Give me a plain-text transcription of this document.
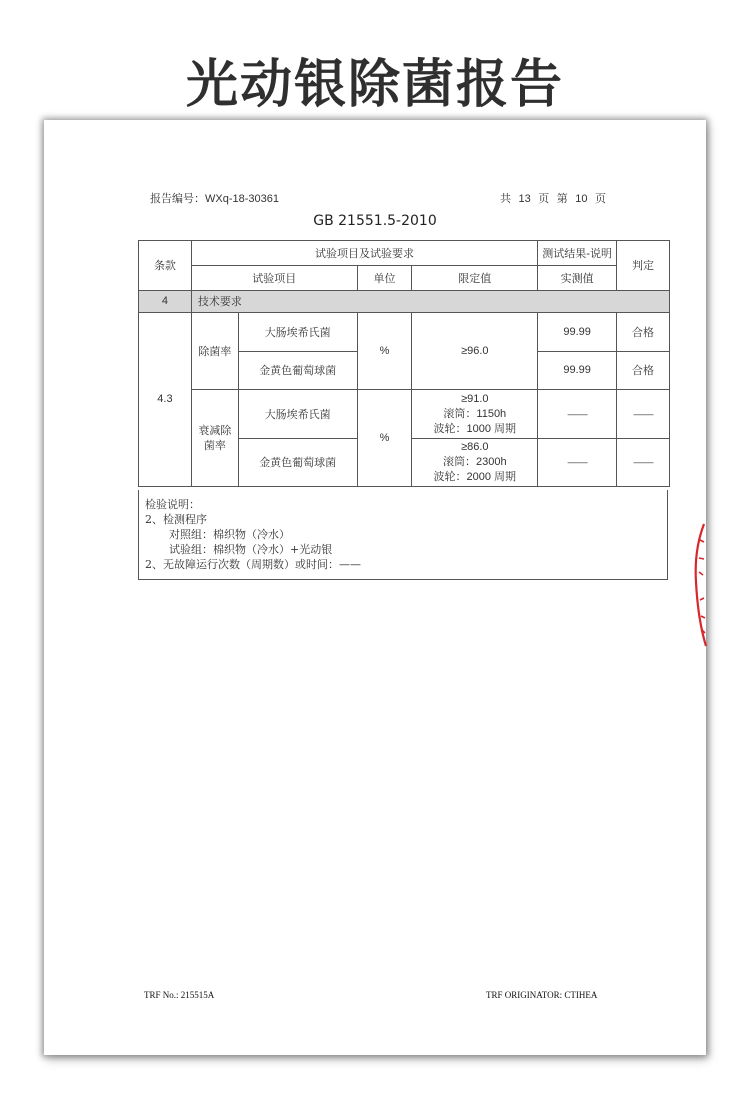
光动银除菌报告
报告编号：WXq-18-30361	共 13 页 第 10 页
GB 21551.5-2010
条款	试验项目及试验要求				测试结果-说明	判定
	试验项目		单位	限定值	实测值	
4	技术要求					
4.3	除菌率	大肠埃希氏菌	%	≥96.0	99.99	合格
		金黄色葡萄球菌			99.99	合格
	衰减除菌率	大肠埃希氏菌	%	≥91.0
滚筒：1150h
波轮：1000 周期	——	——
		金黄色葡萄球菌		≥86.0
滚筒：2300h
波轮：2000 周期	——	——
检验说明：
2、检测程序
对照组：棉织物（冷水）
试验组：棉织物（冷水）+光动银
2、无故障运行次数（周期数）或时间：——
TRF No.: 215515A	TRF ORIGINATOR: CTIHEA
